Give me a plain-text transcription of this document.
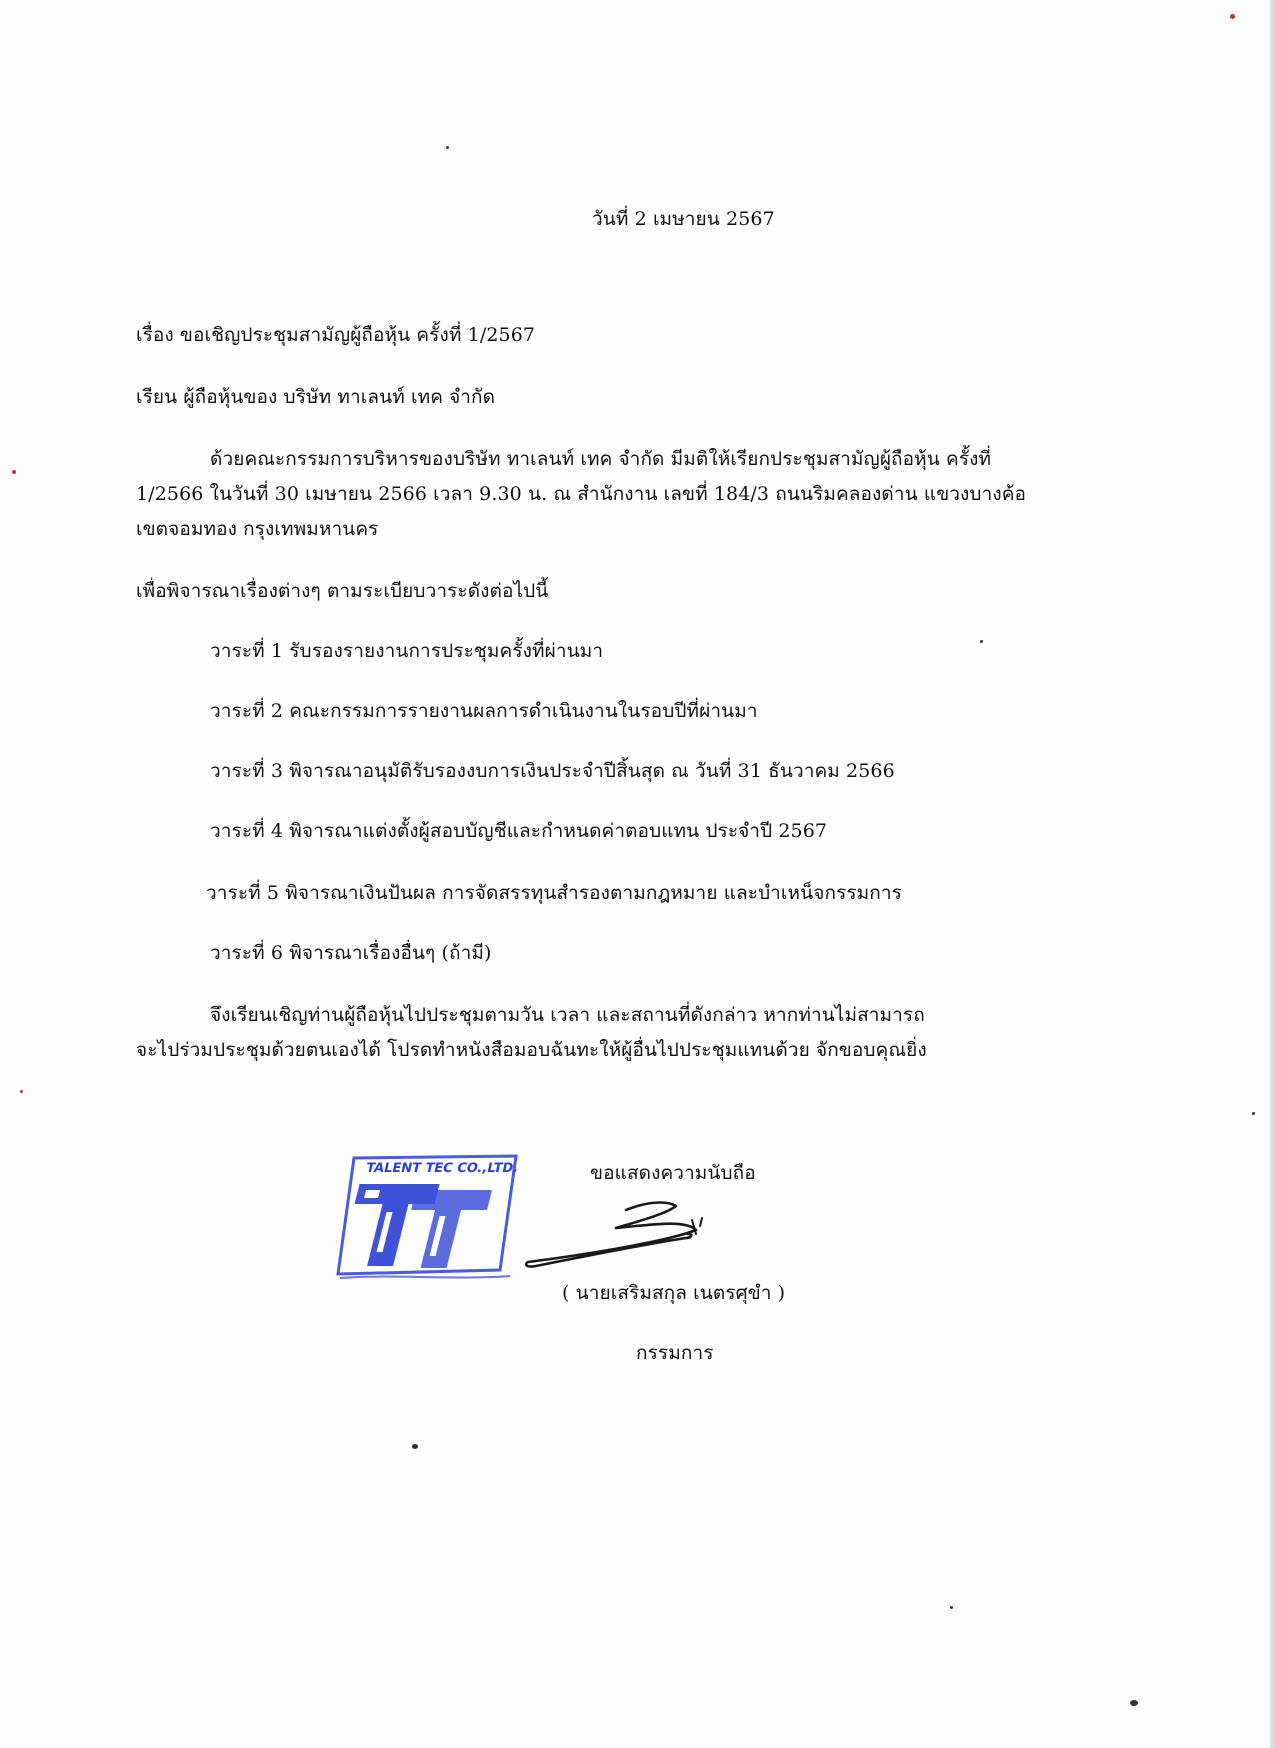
วันที่ 2 เมษายน 2567
เรื่อง ขอเชิญประชุมสามัญผู้ถือหุ้น ครั้งที่ 1/2567
เรียน ผู้ถือหุ้นของ บริษัท ทาเลนท์ เทค จำกัด
ด้วยคณะกรรมการบริหารของบริษัท ทาเลนท์ เทค จำกัด มีมติให้เรียกประชุมสามัญผู้ถือหุ้น ครั้งที่
1/2566 ในวันที่ 30 เมษายน 2566 เวลา 9.30 น. ณ สำนักงาน เลขที่ 184/3 ถนนริมคลองด่าน แขวงบางค้อ
เขตจอมทอง กรุงเทพมหานคร
เพื่อพิจารณาเรื่องต่างๆ ตามระเบียบวาระดังต่อไปนี้
วาระที่ 1 รับรองรายงานการประชุมครั้งที่ผ่านมา
วาระที่ 2 คณะกรรมการรายงานผลการดำเนินงานในรอบปีที่ผ่านมา
วาระที่ 3 พิจารณาอนุมัติรับรองงบการเงินประจำปีสิ้นสุด ณ วันที่ 31 ธันวาคม 2566
วาระที่ 4 พิจารณาแต่งตั้งผู้สอบบัญชีและกำหนดค่าตอบแทน ประจำปี 2567
วาระที่ 5 พิจารณาเงินปันผล การจัดสรรทุนสำรองตามกฎหมาย และบำเหน็จกรรมการ
วาระที่ 6 พิจารณาเรื่องอื่นๆ (ถ้ามี)
จึงเรียนเชิญท่านผู้ถือหุ้นไปประชุมตามวัน เวลา และสถานที่ดังกล่าว หากท่านไม่สามารถ
จะไปร่วมประชุมด้วยตนเองได้ โปรดทำหนังสือมอบฉันทะให้ผู้อื่นไปประชุมแทนด้วย จักขอบคุณยิ่ง
TALENT TEC CO.,LTD.	ขอแสดงความนับถือ
( นายเสริมสกุล เนตรศุขำ )
กรรมการ
